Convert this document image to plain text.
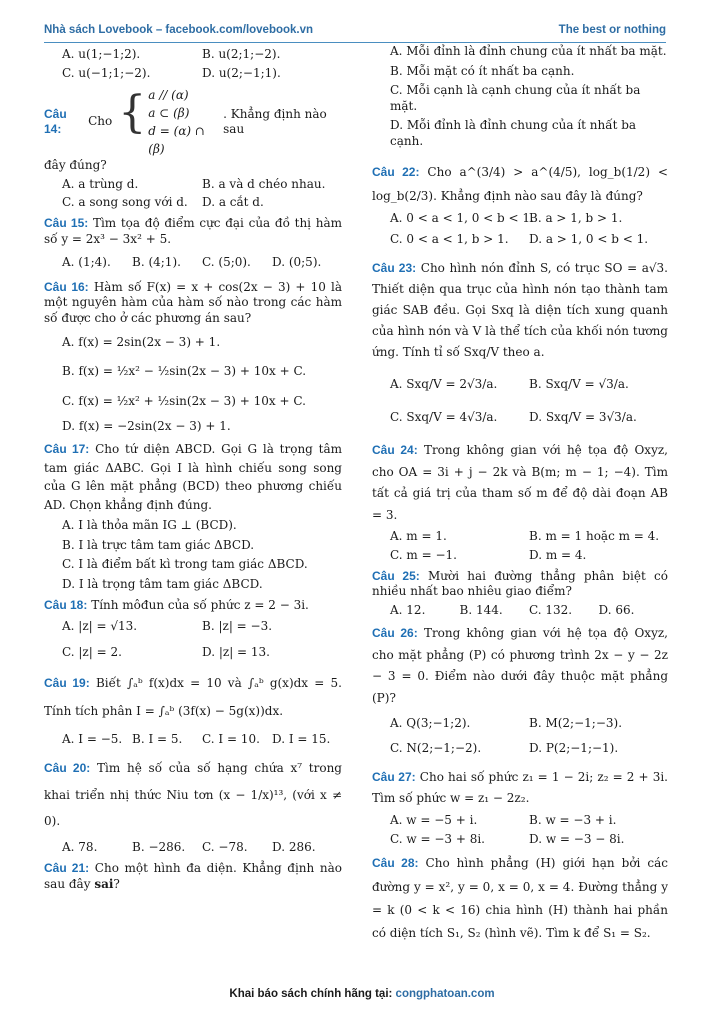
Nhà sách Lovebook – facebook.com/lovebook.vn	The best or nothing
A. u(1;−1;2).	B. u(2;1;−2).
C. u(−1;1;−2).	D. u(2;−1;1).
Câu 14:
Cho { a // (α)
a ⊂ (β)
d = (α) ∩ (β)
. Khẳng định nào sau
đây đúng?
A. a trùng d.	B. a và d chéo nhau.
C. a song song với d.	D. a cắt d.
Câu 15: Tìm tọa độ điểm cực đại của đồ thị hàm số y = 2x³ − 3x² + 5.
A. (1;4).	B. (4;1).	C. (5;0).	D. (0;5).
Câu 16: Hàm số F(x) = x + cos(2x − 3) + 10 là một nguyên hàm của hàm số nào trong các hàm số được cho ở các phương án sau?
A. f(x) = 2sin(2x − 3) + 1.
B. f(x) = ½x² − ½sin(2x − 3) + 10x + C.
C. f(x) = ½x² + ½sin(2x − 3) + 10x + C.
D. f(x) = −2sin(2x − 3) + 1.
Câu 17: Cho tứ diện ABCD. Gọi G là trọng tâm tam giác ΔABC. Gọi I là hình chiếu song song của G lên mặt phẳng (BCD) theo phương chiếu AD. Chọn khẳng định đúng.
A. I là thỏa mãn IG ⊥ (BCD).
B. I là trực tâm tam giác ΔBCD.
C. I là điểm bất kì trong tam giác ΔBCD.
D. I là trọng tâm tam giác ΔBCD.
Câu 18: Tính môđun của số phức z = 2 − 3i.
A. |z| = √13.	B. |z| = −3.
C. |z| = 2.	D. |z| = 13.
Câu 19: Biết ∫ₐᵇ f(x)dx = 10 và ∫ₐᵇ g(x)dx = 5. Tính tích phân I = ∫ₐᵇ (3f(x) − 5g(x))dx.
A. I = −5. B. I = 5.	C. I = 10.	D. I = 15.
Câu 20: Tìm hệ số của số hạng chứa x⁷ trong khai triển nhị thức Niu tơn (x − 1/x)¹³, (với x ≠ 0).
A. 78.	B. −286.	C. −78.	D. 286.
Câu 21: Cho một hình đa diện. Khẳng định nào sau đây sai?
A. Mỗi đỉnh là đỉnh chung của ít nhất ba mặt.
B. Mỗi mặt có ít nhất ba cạnh.
C. Mỗi cạnh là cạnh chung của ít nhất ba mặt.
D. Mỗi đỉnh là đỉnh chung của ít nhất ba cạnh.
Câu 22: Cho a^(3/4) > a^(4/5), log_b(1/2) < log_b(2/3). Khẳng định nào sau đây là đúng?
A. 0 < a < 1, 0 < b < 1.
B. a > 1, b > 1.
C. 0 < a < 1, b > 1.	D. a > 1, 0 < b < 1.
Câu 23: Cho hình nón đỉnh S, có trục SO = a√3. Thiết diện qua trục của hình nón tạo thành tam giác SAB đều. Gọi Sxq là diện tích xung quanh của hình nón và V là thể tích của khối nón tương ứng. Tính tỉ số Sxq/V theo a.
A. Sxq/V = 2√3/a.	B. Sxq/V = √3/a.
C. Sxq/V = 4√3/a.	D. Sxq/V = 3√3/a.
Câu 24: Trong không gian với hệ tọa độ Oxyz, cho OA = 3i + j − 2k và B(m; m − 1; −4). Tìm tất cả giá trị của tham số m để độ dài đoạn AB = 3.
A. m = 1.	B. m = 1 hoặc m = 4.
C. m = −1.	D. m = 4.
Câu 25: Mười hai đường thẳng phân biệt có nhiều nhất bao nhiêu giao điểm?
A. 12.	B. 144.	C. 132.	D. 66.
Câu 26: Trong không gian với hệ tọa độ Oxyz, cho mặt phẳng (P) có phương trình 2x − y − 2z − 3 = 0. Điểm nào dưới đây thuộc mặt phẳng (P)?
A. Q(3;−1;2).	B. M(2;−1;−3).
C. N(2;−1;−2).	D. P(2;−1;−1).
Câu 27: Cho hai số phức z₁ = 1 − 2i; z₂ = 2 + 3i. Tìm số phức w = z₁ − 2z₂.
A. w = −5 + i.	B. w = −3 + i.
C. w = −3 + 8i.	D. w = −3 − 8i.
Câu 28: Cho hình phẳng (H) giới hạn bởi các đường y = x², y = 0, x = 0, x = 4. Đường thẳng y = k (0 < k < 16) chia hình (H) thành hai phần có diện tích S₁, S₂ (hình vẽ). Tìm k để S₁ = S₂.
Khai báo sách chính hãng tại: congphatoan.com
